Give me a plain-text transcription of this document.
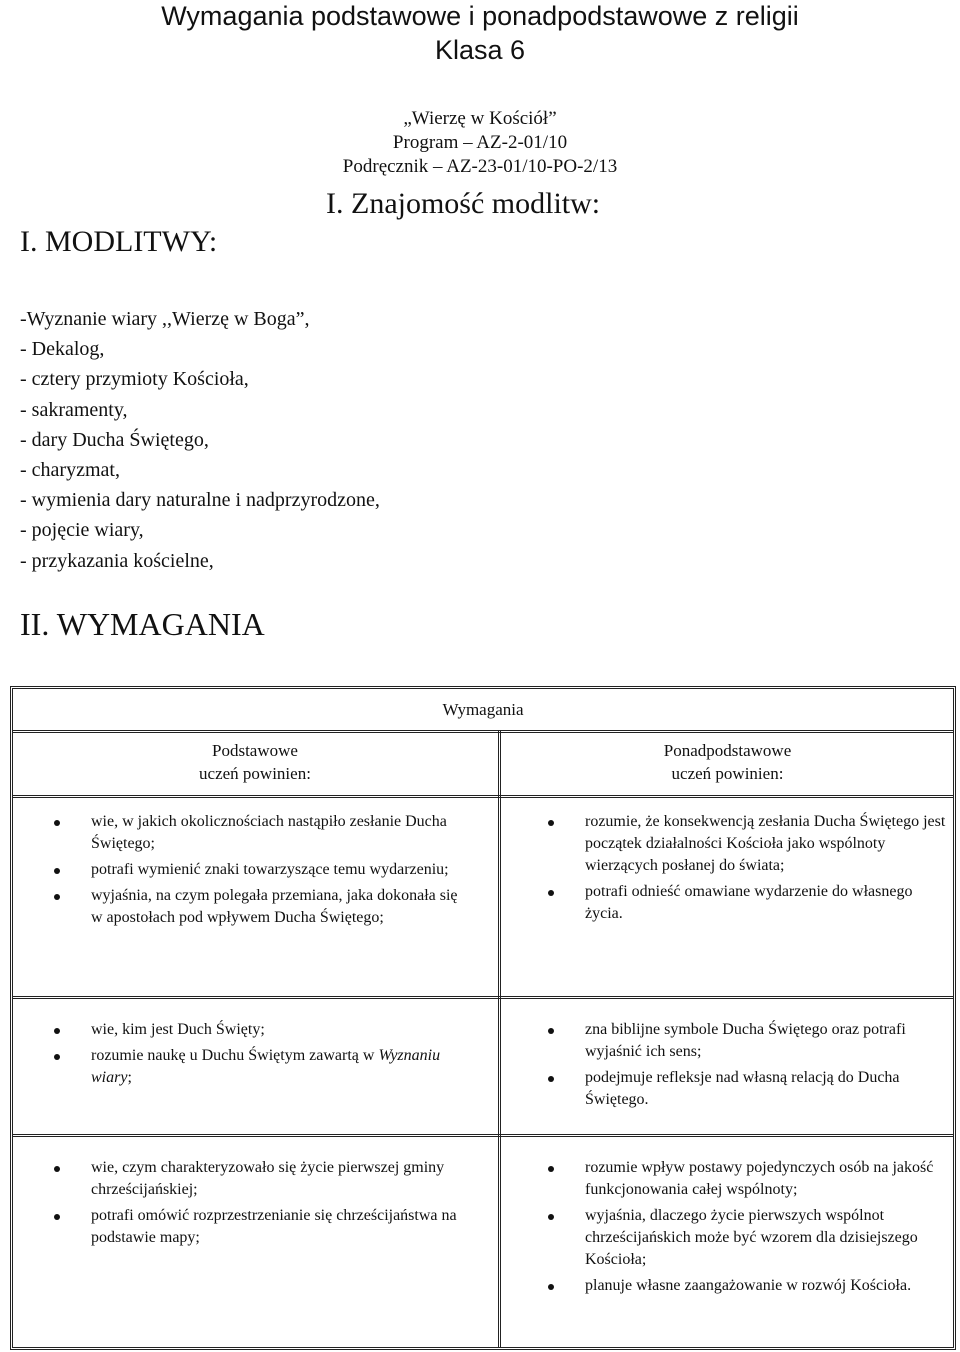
Wymagania podstawowe i ponadpodstawowe z religii
Klasa 6
„Wierzę w Kościół”
Program – AZ-2-01/10
Podręcznik – AZ-23-01/10-PO-2/13
I. Znajomość modlitw:
I. MODLITWY:
-Wyznanie wiary ,,Wierzę w Boga”,
- Dekalog,
- cztery przymioty Kościoła,
- sakramenty,
- dary Ducha Świętego,
- charyzmat,
- wymienia dary naturalne i nadprzyrodzone,
- pojęcie wiary,
- przykazania kościelne,
II. WYMAGANIA
Wymagania
Podstawowe
uczeń powinien:
Ponadpodstawowe
uczeń powinien:
wie, w jakich okolicznościach nastąpiło zesłanie Ducha Świętego;
potrafi wymienić znaki towarzyszące temu wydarzeniu;
wyjaśnia, na czym polegała przemiana, jaka dokonała się w apostołach pod wpływem Ducha Świętego;
rozumie, że konsekwencją zesłania Ducha Świętego jest początek działalności Kościoła jako wspólnoty wierzących posłanej do świata;
potrafi odnieść omawiane wydarzenie do własnego życia.
wie, kim jest Duch Święty;
rozumie naukę u Duchu Świętym zawartą w Wyznaniu wiary;
zna biblijne symbole Ducha Świętego oraz potrafi wyjaśnić ich sens;
podejmuje refleksje nad własną relacją do Ducha Świętego.
wie, czym charakteryzowało się życie pierwszej gminy chrześcijańskiej;
potrafi omówić rozprzestrzenianie się chrześcijaństwa na podstawie mapy;
rozumie wpływ postawy pojedynczych osób na jakość funkcjonowania całej wspólnoty;
wyjaśnia, dlaczego życie pierwszych wspólnot chrześcijańskich może być wzorem dla dzisiejszego Kościoła;
planuje własne zaangażowanie w rozwój Kościoła.
